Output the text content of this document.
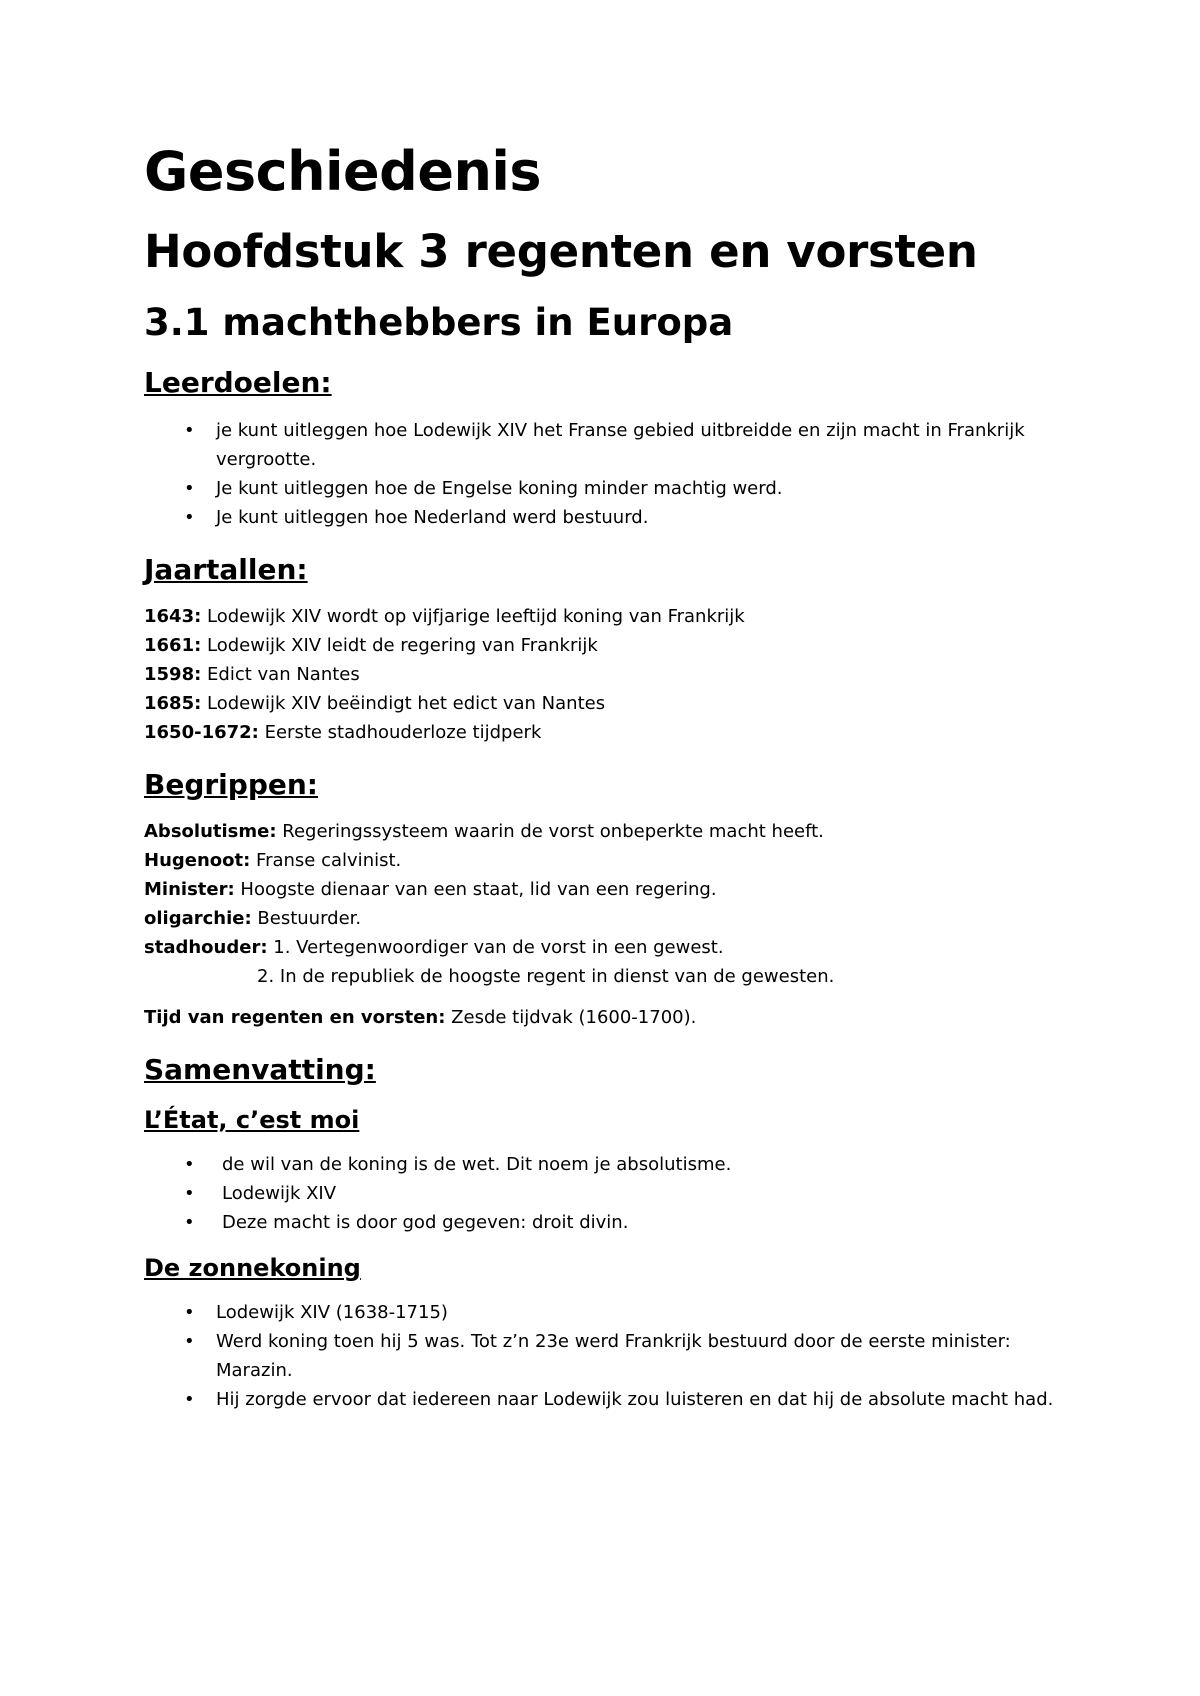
Geschiedenis
Hoofdstuk 3 regenten en vorsten
3.1 machthebbers in Europa
Leerdoelen:
• je kunt uitleggen hoe Lodewijk XIV het Franse gebied uitbreidde en zijn macht in Frankrijk vergrootte.
• Je kunt uitleggen hoe de Engelse koning minder machtig werd.
• Je kunt uitleggen hoe Nederland werd bestuurd.
Jaartallen:
1643: Lodewijk XIV wordt op vijfjarige leeftijd koning van Frankrijk
1661: Lodewijk XIV leidt de regering van Frankrijk
1598: Edict van Nantes
1685: Lodewijk XIV beëindigt het edict van Nantes
1650-1672: Eerste stadhouderloze tijdperk
Begrippen:
Absolutisme: Regeringssysteem waarin de vorst onbeperkte macht heeft.
Hugenoot: Franse calvinist.
Minister: Hoogste dienaar van een staat, lid van een regering.
oligarchie: Bestuurder.
stadhouder: 1. Vertegenwoordiger van de vorst in een gewest.
2. In de republiek de hoogste regent in dienst van de gewesten.
Tijd van regenten en vorsten: Zesde tijdvak (1600-1700).
Samenvatting:
L’État, c’est moi
• de wil van de koning is de wet. Dit noem je absolutisme.
• Lodewijk XIV
• Deze macht is door god gegeven: droit divin.
De zonnekoning
• Lodewijk XIV (1638-1715)
• Werd koning toen hij 5 was. Tot z’n 23e werd Frankrijk bestuurd door de eerste minister: Marazin.
• Hij zorgde ervoor dat iedereen naar Lodewijk zou luisteren en dat hij de absolute macht had.
